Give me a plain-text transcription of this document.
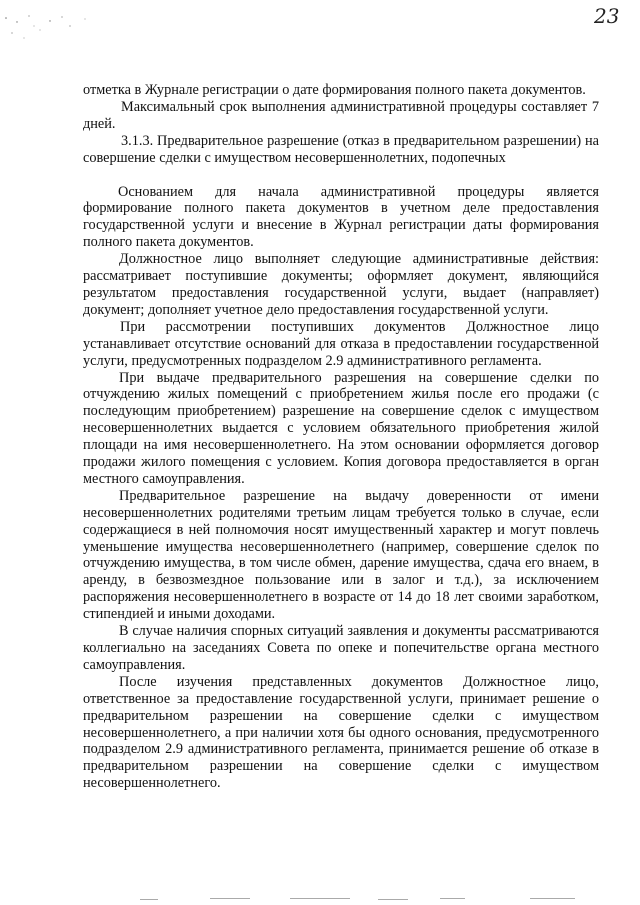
23

отметка в Журнале регистрации о дате формирования полного пакета документов.

Максимальный срок выполнения административной процедуры составляет 7 дней.

3.1.3. Предварительное разрешение (отказ в предварительном разрешении) на совершение сделки с имуществом несовершеннолетних, подопечных

Основанием для начала административной процедуры является формирование полного пакета документов в учетном деле предоставления государственной услуги и внесение в Журнал регистрации даты формирования полного пакета документов.

Должностное лицо выполняет следующие административные действия: рассматривает поступившие документы; оформляет документ, являющийся результатом предоставления государственной услуги, выдает (направляет) документ; дополняет учетное дело предоставления государственной услуги.

При рассмотрении поступивших документов Должностное лицо устанавливает отсутствие оснований для отказа в предоставлении государственной услуги, предусмотренных подразделом 2.9 административного регламента.

При выдаче предварительного разрешения на совершение сделки по отчуждению жилых помещений с приобретением жилья после его продажи (с последующим приобретением) разрешение на совершение сделок с имуществом несовершеннолетних выдается с условием обязательного приобретения жилой площади на имя несовершеннолетнего. На этом основании оформляется договор продажи жилого помещения с условием. Копия договора предоставляется в орган местного самоуправления.

Предварительное разрешение на выдачу доверенности от имени несовершеннолетних родителями третьим лицам требуется только в случае, если содержащиеся в ней полномочия носят имущественный характер и могут повлечь уменьшение имущества несовершеннолетнего (например, совершение сделок по отчуждению имущества, в том числе обмен, дарение имущества, сдача его внаем, в аренду, в безвозмездное пользование или в залог и т.д.), за исключением распоряжения несовершеннолетнего в возрасте от 14 до 18 лет своими заработком, стипендией и иными доходами.

В случае наличия спорных ситуаций заявления и документы рассматриваются коллегиально на заседаниях Совета по опеке и попечительстве органа местного самоуправления.

После изучения представленных документов Должностное лицо, ответственное за предоставление государственной услуги, принимает решение о предварительном разрешении на совершение сделки с имуществом несовершеннолетнего, а при наличии хотя бы одного основания, предусмотренного подразделом 2.9 административного регламента, принимается решение об отказе в предварительном разрешении на совершение сделки с имуществом несовершеннолетнего.
